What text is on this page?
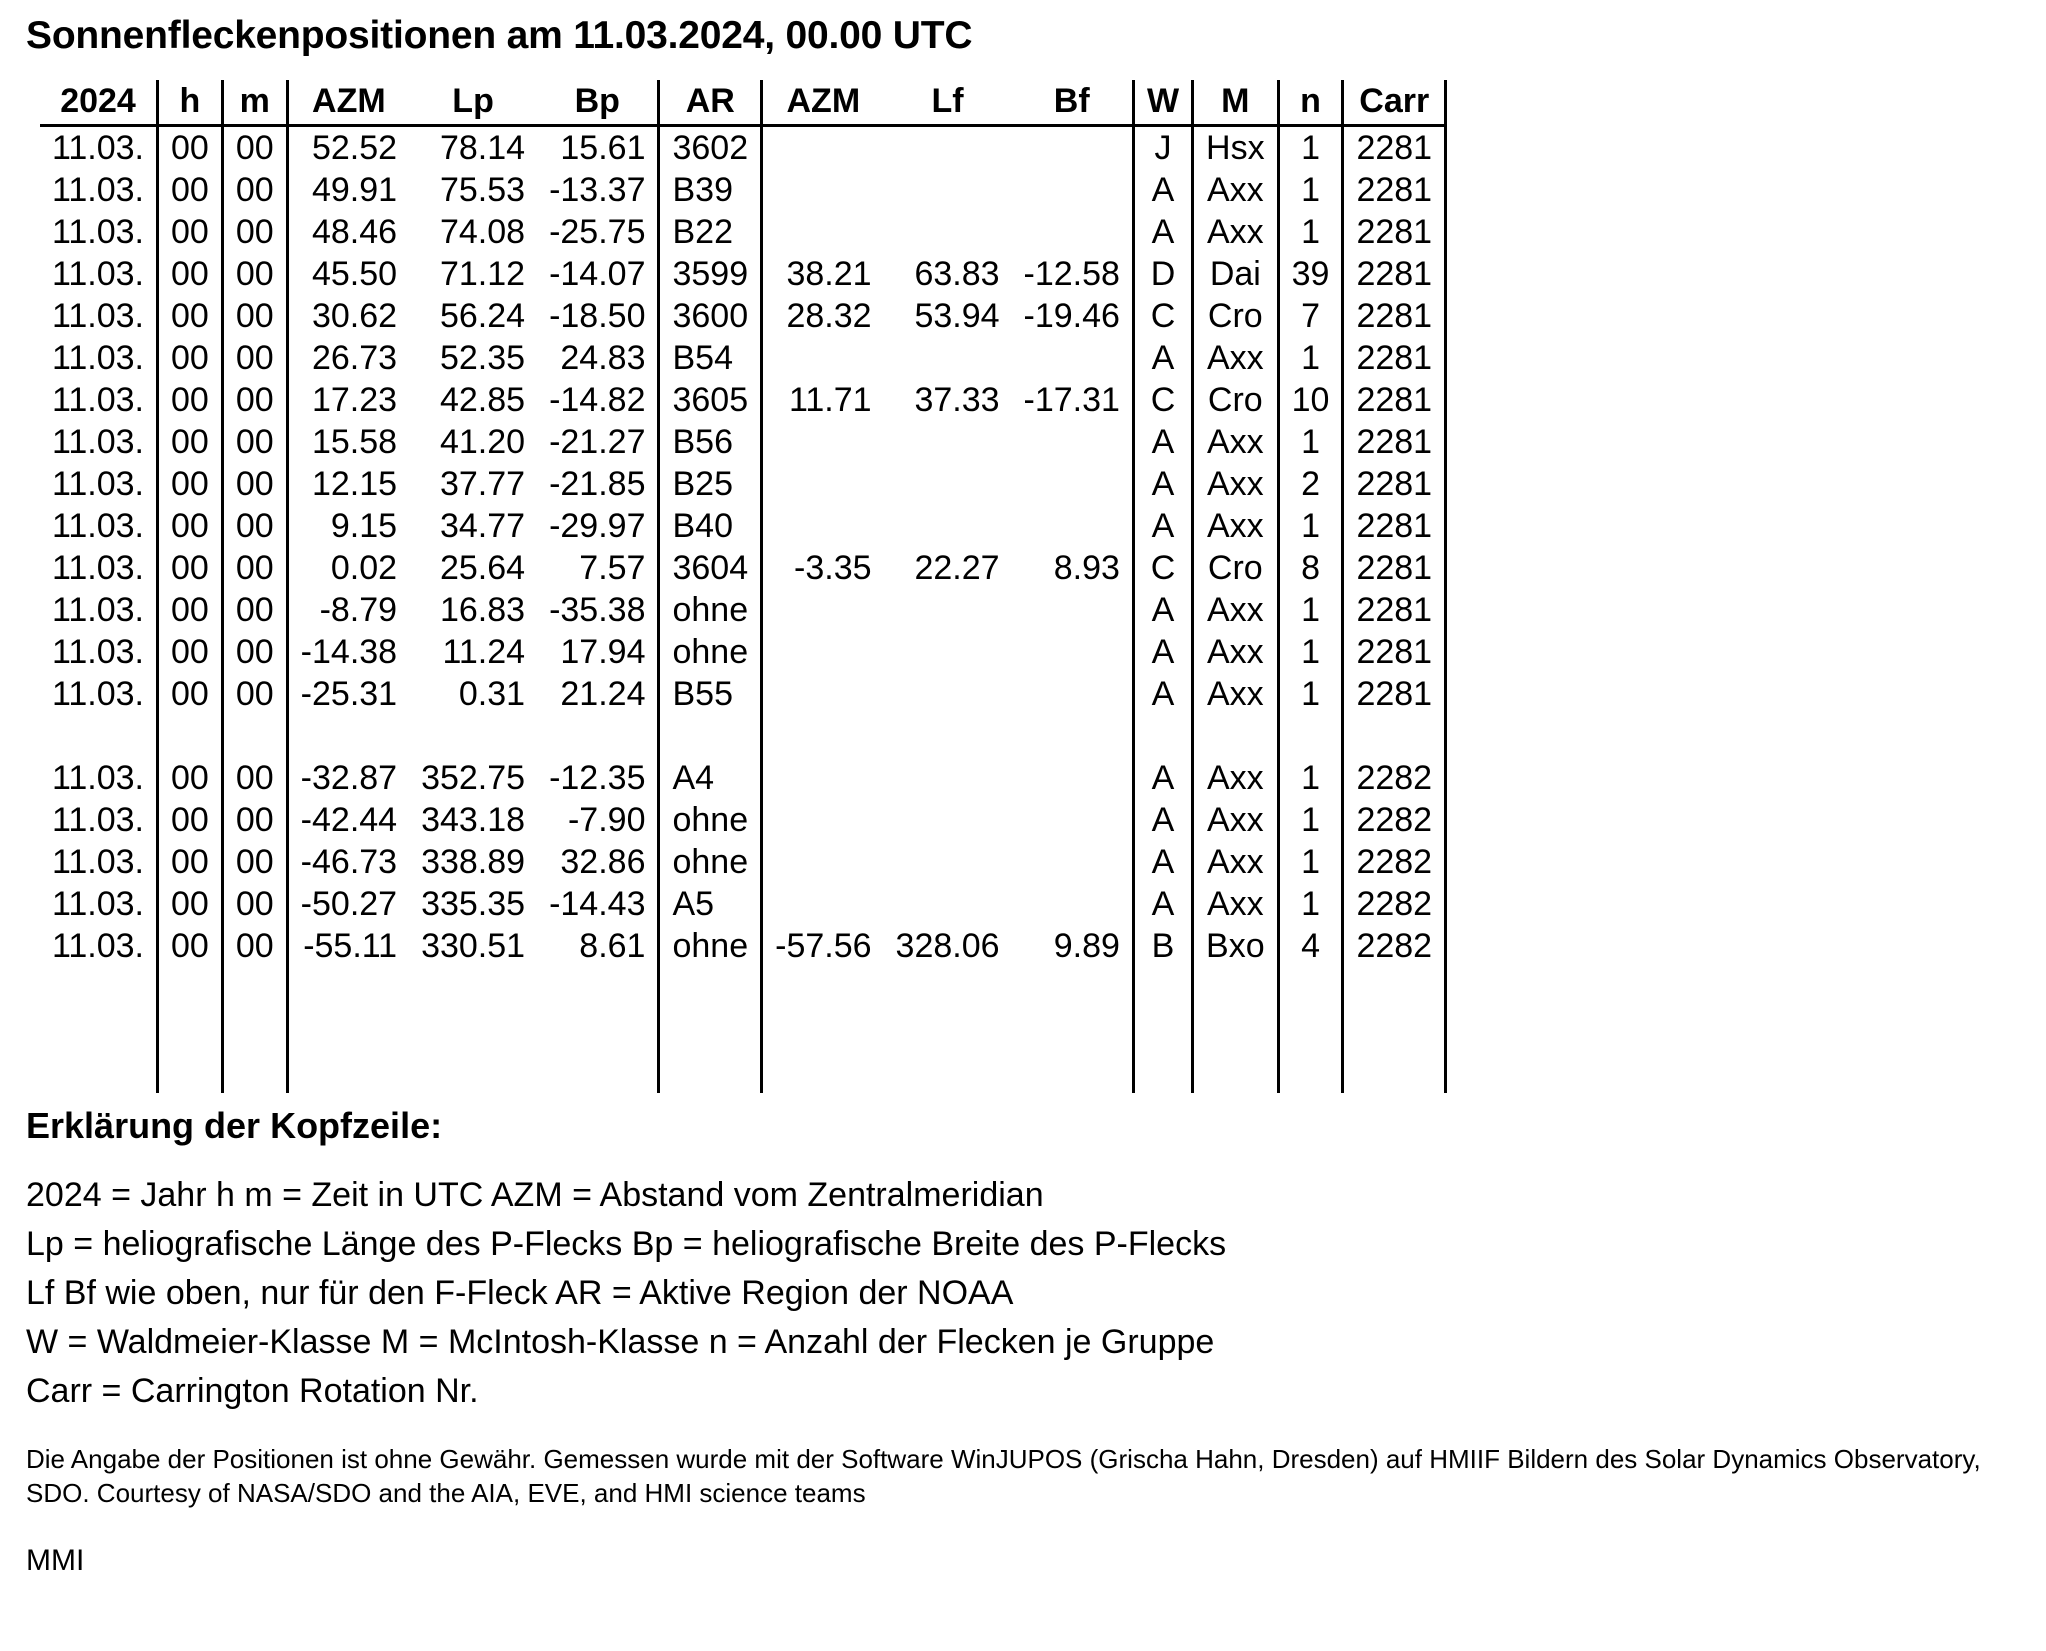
Sonnenfleckenpositionen am 11.03.2024, 00.00 UTC
2024		h		m		AZM	Lp	Bp		AR		AZM	Lf	Bf		W		M		n		Carr	
11.03.		00		00		52.52	78.14	15.61		3602						J		Hsx		1		2281	
11.03.		00		00		49.91	75.53	-13.37		B39						A		Axx		1		2281	
11.03.		00		00		48.46	74.08	-25.75		B22						A		Axx		1		2281	
11.03.		00		00		45.50	71.12	-14.07		3599		38.21	63.83	-12.58		D		Dai		39		2281	
11.03.		00		00		30.62	56.24	-18.50		3600		28.32	53.94	-19.46		C		Cro		7		2281	
11.03.		00		00		26.73	52.35	24.83		B54						A		Axx		1		2281	
11.03.		00		00		17.23	42.85	-14.82		3605		11.71	37.33	-17.31		C		Cro		10		2281	
11.03.		00		00		15.58	41.20	-21.27		B56						A		Axx		1		2281	
11.03.		00		00		12.15	37.77	-21.85		B25						A		Axx		2		2281	
11.03.		00		00		9.15	34.77	-29.97		B40						A		Axx		1		2281	
11.03.		00		00		0.02	25.64	7.57		3604		-3.35	22.27	8.93		C		Cro		8		2281	
11.03.		00		00		-8.79	16.83	-35.38		ohne						A		Axx		1		2281	
11.03.		00		00		-14.38	11.24	17.94		ohne						A		Axx		1		2281	
11.03.		00		00		-25.31	0.31	21.24		B55						A		Axx		1		2281	

11.03.		00		00		-32.87	352.75	-12.35		A4						A		Axx		1		2282	
11.03.		00		00		-42.44	343.18	-7.90		ohne						A		Axx		1		2282	
11.03.		00		00		-46.73	338.89	32.86		ohne						A		Axx		1		2282	
11.03.		00		00		-50.27	335.35	-14.43		A5						A		Axx		1		2282	
11.03.		00		00		-55.11	330.51	8.61		ohne		-57.56	328.06	9.89		B		Bxo		4		2282	

Erklärung der Kopfzeile:
2024 = Jahr h m = Zeit in UTC AZM = Abstand vom Zentralmeridian
Lp = heliografische Länge des P-Flecks Bp = heliografische Breite des P-Flecks
Lf Bf wie oben, nur für den F-Fleck AR = Aktive Region der NOAA
W = Waldmeier-Klasse M = McIntosh-Klasse n = Anzahl der Flecken je Gruppe
Carr = Carrington Rotation Nr.
Die Angabe der Positionen ist ohne Gewähr. Gemessen wurde mit der Software WinJUPOS (Grischa Hahn, Dresden) auf HMIIF Bildern des Solar Dynamics Observatory, SDO. Courtesy of NASA/SDO and the AIA, EVE, and HMI science teams
MMI
